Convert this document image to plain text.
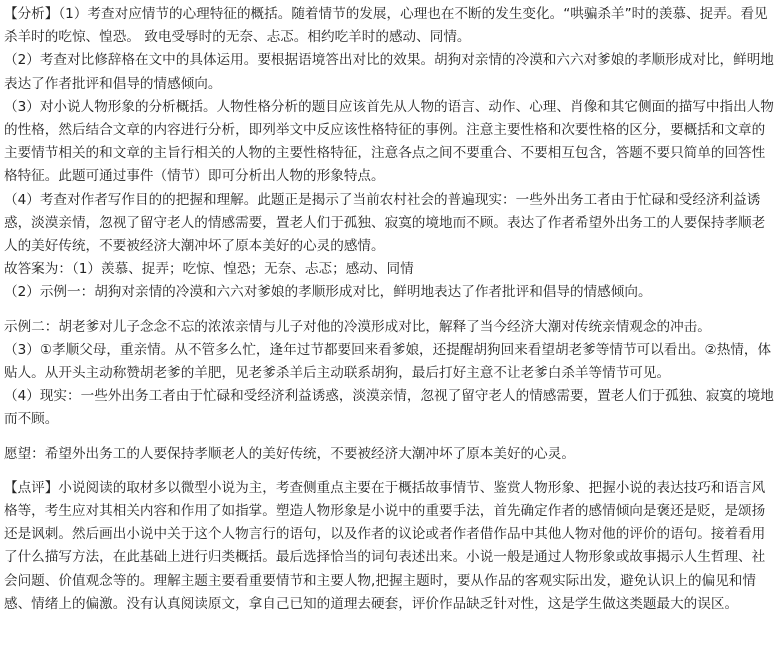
【分析】（1）考查对应情节的心理特征的概括。随着情节的发展，心理也在不断的发生变化。“哄骗杀羊”时的羡慕、捉弄。看见杀羊时的吃惊、惶恐。 致电受辱时的无奈、忐忑。相约吃羊时的感动、同情。

（2）考查对比修辞格在文中的具体运用。要根据语境答出对比的效果。胡狗对亲情的冷漠和六六对爹娘的孝顺形成对比，鲜明地表达了作者批评和倡导的情感倾向。

（3）对小说人物形象的分析概括。人物性格分析的题目应该首先从人物的语言、动作、心理、肖像和其它侧面的描写中指出人物的性格，然后结合文章的内容进行分析，即列举文中反应该性格特征的事例。注意主要性格和次要性格的区分，要概括和文章的主要情节相关的和文章的主旨行相关的人物的主要性格特征，注意各点之间不要重合、不要相互包含，答题不要只简单的回答性格特征。此题可通过事件（情节）即可分析出人物的形象特点。

（4）考查对作者写作目的的把握和理解。此题正是揭示了当前农村社会的普遍现实：一些外出务工者由于忙碌和受经济利益诱惑，淡漠亲情，忽视了留守老人的情感需要，置老人们于孤独、寂寞的境地而不顾。表达了作者希望外出务工的人要保持孝顺老人的美好传统，不要被经济大潮冲坏了原本美好的心灵的感情。

故答案为：（1）羡慕、捉弄；吃惊、惶恐；无奈、忐忑；感动、同情

（2）示例一：胡狗对亲情的冷漠和六六对爹娘的孝顺形成对比，鲜明地表达了作者批评和倡导的情感倾向。

示例二：胡老爹对儿子念念不忘的浓浓亲情与儿子对他的冷漠形成对比，解释了当今经济大潮对传统亲情观念的冲击。

（3）①孝顺父母，重亲情。从不管多么忙，逢年过节都要回来看爹娘，还提醒胡狗回来看望胡老爹等情节可以看出。②热情，体贴人。从开头主动称赞胡老爹的羊肥，见老爹杀羊后主动联系胡狗，最后打好主意不让老爹白杀羊等情节可见。

（4）现实：一些外出务工者由于忙碌和受经济利益诱惑，淡漠亲情，忽视了留守老人的情感需要，置老人们于孤独、寂寞的境地而不顾。

愿望：希望外出务工的人要保持孝顺老人的美好传统，不要被经济大潮冲坏了原本美好的心灵。

【点评】小说阅读的取材多以微型小说为主，考查侧重点主要在于概括故事情节、鉴赏人物形象、把握小说的表达技巧和语言风格等，考生应对其相关内容和作用了如指掌。塑造人物形象是小说中的重要手法，首先确定作者的感情倾向是褒还是贬，是颂扬还是讽刺。然后画出小说中关于这个人物言行的语句，以及作者的议论或者作者借作品中其他人物对他的评价的语句。接着看用了什么描写方法，在此基础上进行归类概括。最后选择恰当的词句表述出来。小说一般是通过人物形象或故事揭示人生哲理、社会问题、价值观念等的。理解主题主要看重要情节和主要人物,把握主题时，要从作品的客观实际出发，避免认识上的偏见和情感、情绪上的偏激。没有认真阅读原文，拿自己已知的道理去硬套，评价作品缺乏针对性，这是学生做这类题最大的误区。
